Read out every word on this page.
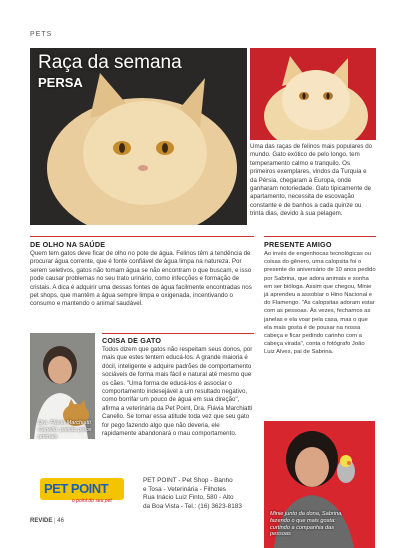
PETS
Raça da semana
PERSA
Uma das raças de felinos mais populares do mundo. Gato exótico de pelo longo, tem temperamento calmo e tranquilo. Os primeiros exemplares, vindos da Turquia e da Pérsia, chegaram à Europa, onde ganharam notoriedade. Gato tipicamente de apartamento, necessita de escovação constante e de banhos a cada quinze ou trinta dias, devido à sua pelagem.
DE OLHO NA SAÚDE
Quem tem gatos deve ficar de olho no pote de água. Felinos têm a tendência de procurar água corrente, que é fonte confiável de água limpa na natureza. Por serem seletivos, gatos não tomam água se não encontram o que buscam, e isso pode causar problemas no seu trato urinário, como infecções e formação de cristais. A dica é adquirir uma dessas fontes de água facilmente encontradas nos pet shops, que mantêm a água sempre limpa e oxigenada, incentivando o consumo e mantendo o animal saudável.
PRESENTE AMIGO
Ao invés de engenhocas tecnológicas ou coisas do gênero, uma calopsita foi o presente do aniversário de 10 anos pedido por Sabrina, que adora animais e sonha em ser bióloga. Assim que chegou, Minie já aprendeu a assobiar o Hino Nacional e do Flamengo. "As calopsitas adoram estar com as pessoas. Às vezes, fechamos as janelas e ela voar pela casa, mas o que ela mais gosta é de pousar na nossa cabeça e ficar pedindo carinho com a cabeça virada", conta o fotógrafo João Luiz Alves, pai de Sabrina.
Dra. Flávia Marchiatti Canello: paixão pelos animais
COISA DE GATO
Todos dizem que gatos não respeitam seus donos, por mais que estes tentem educá-los. A grande maioria é dócil, inteligente e adquire padrões de comportamento sociáveis de forma mais fácil e natural até mesmo que os cães. "Uma forma de educá-los é associar o comportamento indesejável a um resultado negativo, como borrifar um pouco de água em sua direção", afirma a veterinária da Pet Point, Dra. Flávia Marchiatti Canello. Se tomar essa atitude toda vez que seu gato for pego fazendo algo que não deveria, ele rapidamente abandonará o mau comportamento.
Minie junto da dona, Sabrina, fazendo o que mais gosta: curtindo a companhia das pessoas
PET POINT
o point do seu pet
PET POINT - Pet Shop - Banho
e Tosa - Veterinária - Filhotes
Rua Inácio Luiz Finto, 580 - Alto
da Boa Vista - Tel.: (16) 3623-8183
REVIDE | 46
